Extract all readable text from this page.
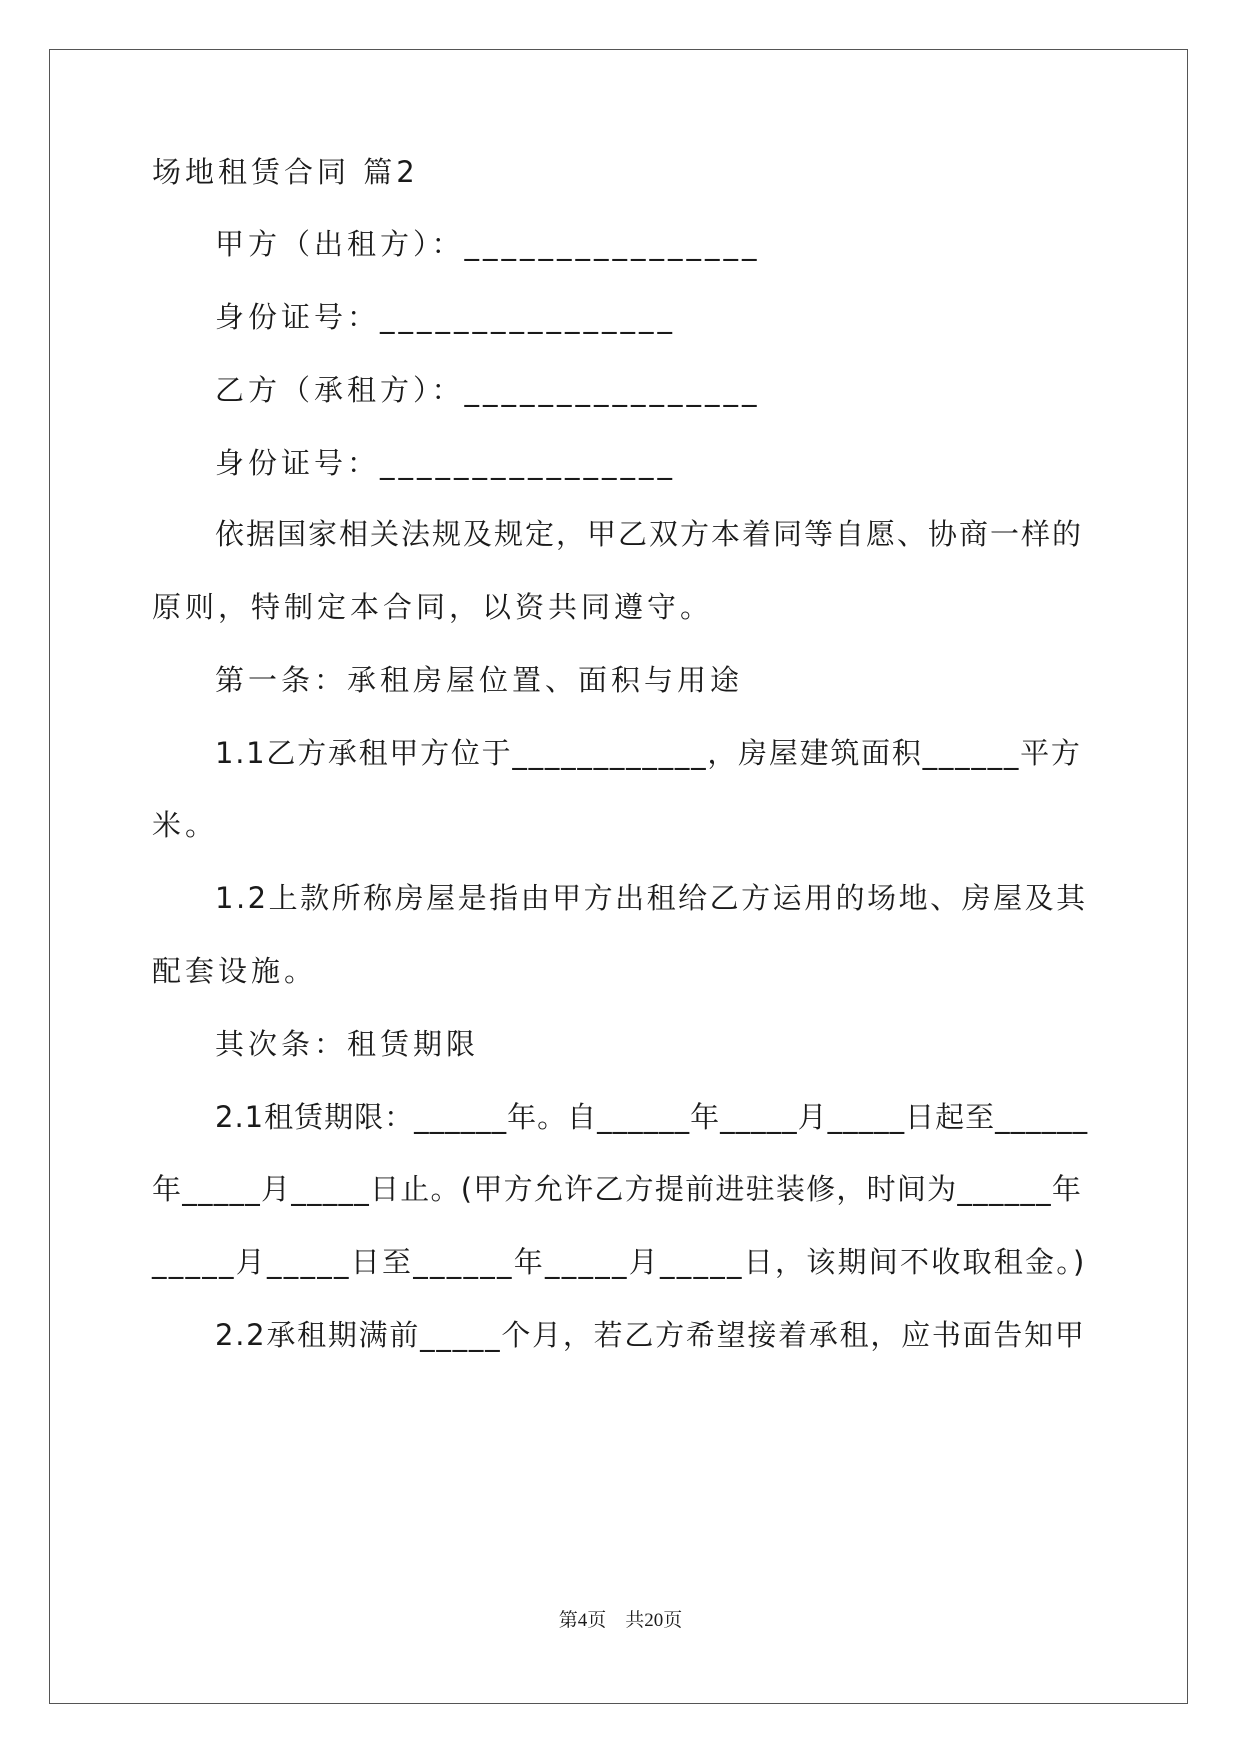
场地租赁合同 篇2
甲方（出租方）：________________
身份证号：________________
乙方（承租方）：________________
身份证号：________________
依据国家相关法规及规定，甲乙双方本着同等自愿、协商一样的
原则，特制定本合同，以资共同遵守。
第一条：承租房屋位置、面积与用途
1.1乙方承租甲方位于____________，房屋建筑面积______平方
米。
1.2上款所称房屋是指由甲方出租给乙方运用的场地、房屋及其
配套设施。
其次条：租赁期限
2.1租赁期限：______年。自______年_____月_____日起至______
年_____月_____日止。(甲方允许乙方提前进驻装修，时间为______年
_____月_____日至______年_____月_____日，该期间不收取租金。)
2.2承租期满前_____个月，若乙方希望接着承租，应书面告知甲
第4页　共20页
